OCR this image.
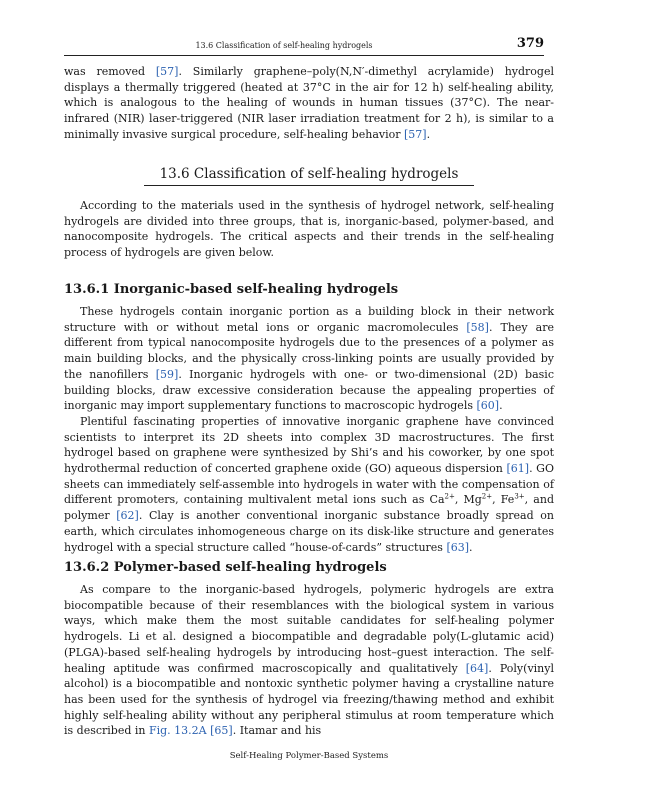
13.6 Classification of self-healing hydrogels	379

was removed [57]. Similarly graphene–poly(N,N′-dimethyl acrylamide) hydrogel displays a thermally triggered (heated at 37°C in the air for 12 h) self-healing ability, which is analogous to the healing of wounds in human tissues (37°C). The near-infrared (NIR) laser-triggered (NIR laser irradiation treatment for 2 h), is similar to a minimally invasive surgical procedure, self-healing behavior [57].

13.6 Classification of self-healing hydrogels

According to the materials used in the synthesis of hydrogel network, self-healing hydrogels are divided into three groups, that is, inorganic-based, polymer-based, and nanocomposite hydrogels. The critical aspects and their trends in the self-healing process of hydrogels are given below.

13.6.1 Inorganic-based self-healing hydrogels

These hydrogels contain inorganic portion as a building block in their network structure with or without metal ions or organic macromolecules [58]. They are different from typical nanocomposite hydrogels due to the presences of a polymer as main building blocks, and the physically cross-linking points are usually provided by the nanofillers [59]. Inorganic hydrogels with one- or two-dimensional (2D) basic building blocks, draw excessive consideration because the appealing properties of inorganic may import supplementary functions to macroscopic hydrogels [60].

Plentiful fascinating properties of innovative inorganic graphene have convinced scientists to interpret its 2D sheets into complex 3D macrostructures. The first hydrogel based on graphene were synthesized by Shi’s and his coworker, by one spot hydrothermal reduction of concerted graphene oxide (GO) aqueous dispersion [61]. GO sheets can immediately self-assemble into hydrogels in water with the compensation of different promoters, containing multivalent metal ions such as $Ca^{2+}$, $Mg^{2+}$, $Fe^{3+}$, and polymer [62]. Clay is another conventional inorganic substance broadly spread on earth, which circulates inhomogeneous charge on its disk-like structure and generates hydrogel with a special structure called “house-of-cards” structures [63].

13.6.2 Polymer-based self-healing hydrogels

As compare to the inorganic-based hydrogels, polymeric hydrogels are extra biocompatible because of their resemblances with the biological system in various ways, which make them the most suitable candidates for self-healing polymer hydrogels. Li et al. designed a biocompatible and degradable poly(L-glutamic acid) (PLGA)-based self-healing hydrogels by introducing host–guest interaction. The self-healing aptitude was confirmed macroscopically and qualitatively [64]. Poly(vinyl alcohol) is a biocompatible and nontoxic synthetic polymer having a crystalline nature has been used for the synthesis of hydrogel via freezing/thawing method and exhibit highly self-healing ability without any peripheral stimulus at room temperature which is described in Fig. 13.2A [65]. Itamar and his

Self-Healing Polymer-Based Systems
